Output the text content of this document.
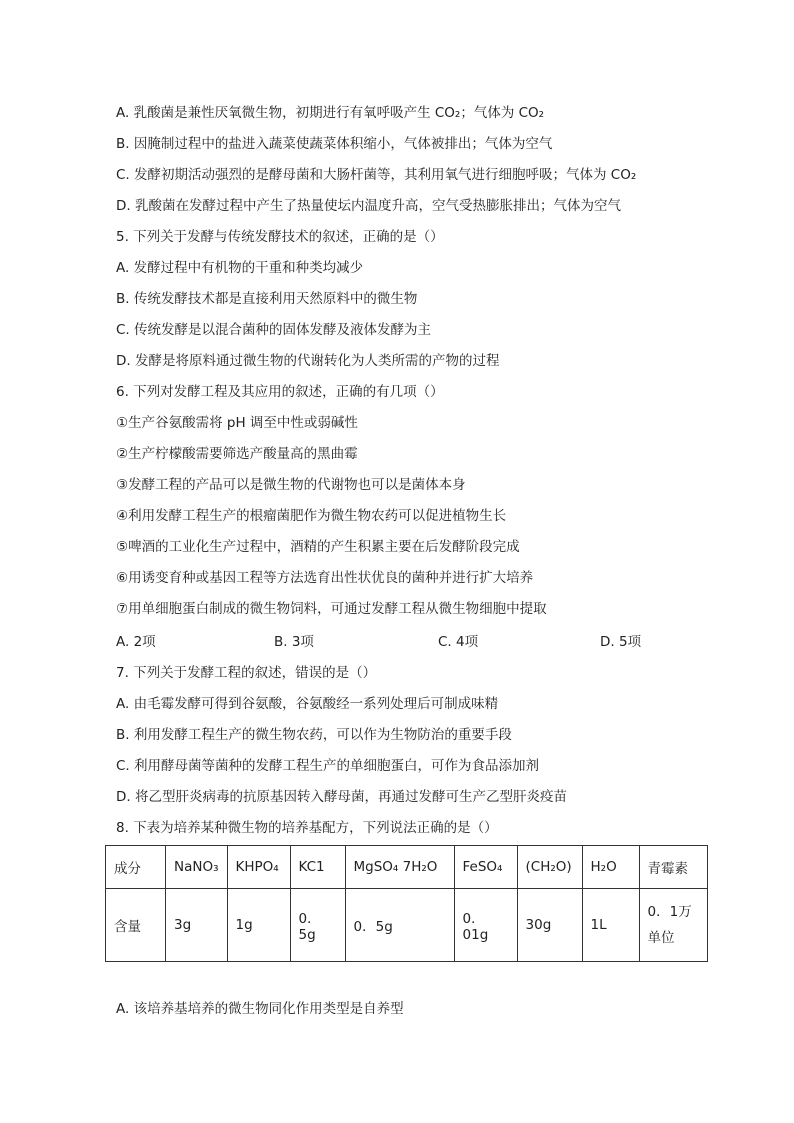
A. 乳酸菌是兼性厌氧微生物，初期进行有氧呼吸产生 CO₂；气体为 CO₂
B. 因腌制过程中的盐进入蔬菜使蔬菜体积缩小，气体被排出；气体为空气
C. 发酵初期活动强烈的是酵母菌和大肠杆菌等，其利用氧气进行细胞呼吸；气体为 CO₂
D. 乳酸菌在发酵过程中产生了热量使坛内温度升高，空气受热膨胀排出；气体为空气
5. 下列关于发酵与传统发酵技术的叙述，正确的是（）
A. 发酵过程中有机物的干重和种类均减少
B. 传统发酵技术都是直接利用天然原料中的微生物
C. 传统发酵是以混合菌种的固体发酵及液体发酵为主
D. 发酵是将原料通过微生物的代谢转化为人类所需的产物的过程
6. 下列对发酵工程及其应用的叙述，正确的有几项（）
①生产谷氨酸需将 pH 调至中性或弱碱性
②生产柠檬酸需要筛选产酸量高的黑曲霉
③发酵工程的产品可以是微生物的代谢物也可以是菌体本身
④利用发酵工程生产的根瘤菌肥作为微生物农药可以促进植物生长
⑤啤酒的工业化生产过程中，酒精的产生积累主要在后发酵阶段完成
⑥用诱变育种或基因工程等方法选育出性状优良的菌种并进行扩大培养
⑦用单细胞蛋白制成的微生物饲料，可通过发酵工程从微生物细胞中提取
A. 2项	B. 3项	C. 4项	D. 5项
7. 下列关于发酵工程的叙述，错误的是（）
A. 由毛霉发酵可得到谷氨酸，谷氨酸经一系列处理后可制成味精
B. 利用发酵工程生产的微生物农药，可以作为生物防治的重要手段
C. 利用酵母菌等菌种的发酵工程生产的单细胞蛋白，可作为食品添加剂
D. 将乙型肝炎病毒的抗原基因转入酵母菌，再通过发酵可生产乙型肝炎疫苗
8. 下表为培养某种微生物的培养基配方，下列说法正确的是（）
成分	NaNO₃	KHPO₄	KC1	MgSO₄ 7H₂O	FeSO₄	(CH₂O)	H₂O	青霉素
含量	3g	1g	0．5g	0．5g	0．01g	30g	1L	0．1万单位
A. 该培养基培养的微生物同化作用类型是自养型
